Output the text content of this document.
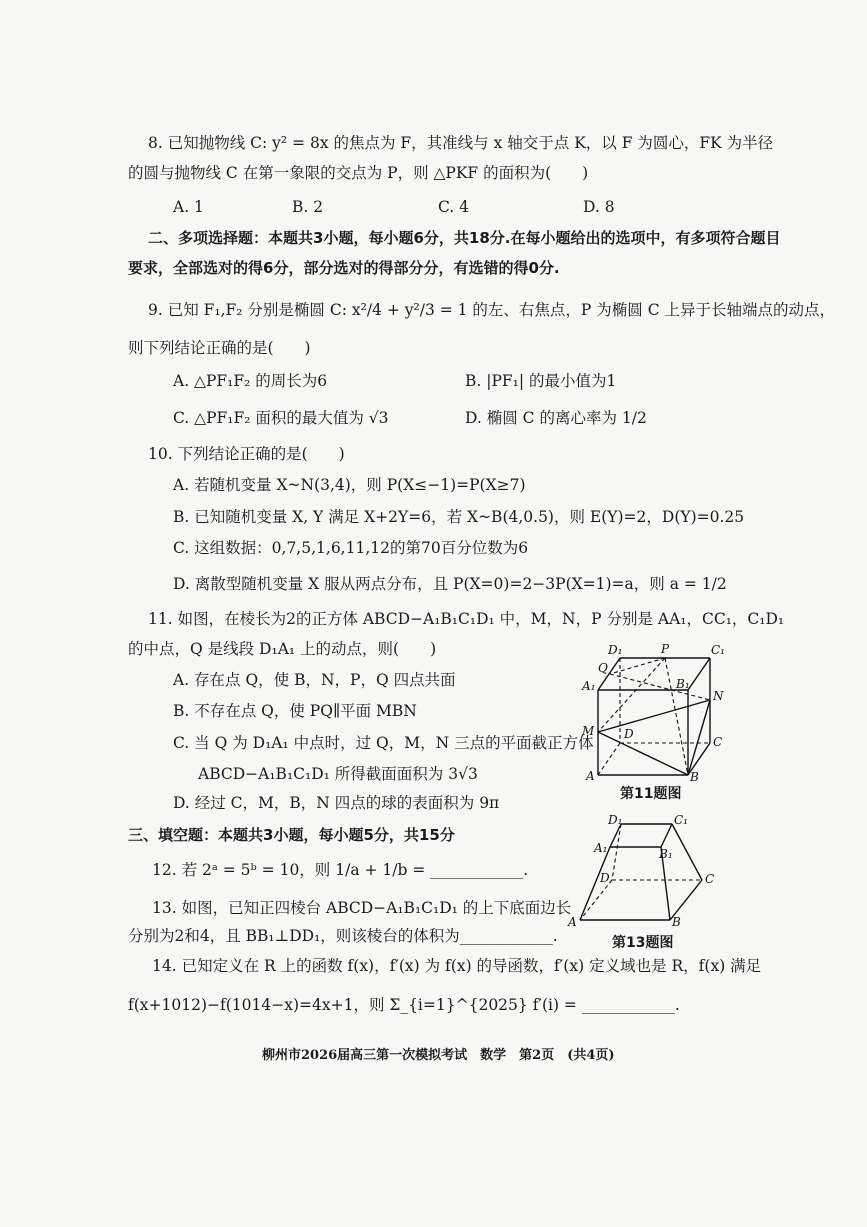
8. 已知抛物线 C: y² = 8x 的焦点为 F，其准线与 x 轴交于点 K，以 F 为圆心，FK 为半径
的圆与抛物线 C 在第一象限的交点为 P，则 △PKF 的面积为(　　)
A. 1	B. 2	C. 4	D. 8
二、多项选择题：本题共3小题，每小题6分，共18分.在每小题给出的选项中，有多项符合题目
要求，全部选对的得6分，部分选对的得部分分，有选错的得0分.
9. 已知 F₁,F₂ 分别是椭圆 C: x²/4 + y²/3 = 1 的左、右焦点，P 为椭圆 C 上异于长轴端点的动点，
则下列结论正确的是(　　)
A. △PF₁F₂ 的周长为6	B. |PF₁| 的最小值为1
C. △PF₁F₂ 面积的最大值为 √3	D. 椭圆 C 的离心率为 1/2
10. 下列结论正确的是(　　)
A. 若随机变量 X~N(3,4)，则 P(X≤−1)=P(X≥7)
B. 已知随机变量 X, Y 满足 X+2Y=6，若 X~B(4,0.5)，则 E(Y)=2，D(Y)=0.25
C. 这组数据：0,7,5,1,6,11,12的第70百分位数为6
D. 离散型随机变量 X 服从两点分布，且 P(X=0)=2−3P(X=1)=a，则 a = 1/2
11. 如图，在棱长为2的正方体 ABCD−A₁B₁C₁D₁ 中，M，N，P 分别是 AA₁，CC₁，C₁D₁
的中点，Q 是线段 D₁A₁ 上的动点，则(　　)
A. 存在点 Q，使 B，N，P，Q 四点共面
B. 不存在点 Q，使 PQ∥平面 MBN
C. 当 Q 为 D₁A₁ 中点时，过 Q，M，N 三点的平面截正方体
ABCD−A₁B₁C₁D₁ 所得截面面积为 3√3
D. 经过 C，M，B，N 四点的球的表面积为 9π
D₁	P	C₁
Q
A₁	B₁
N
M D
C
A	B
第11题图
三、填空题：本题共3小题，每小题5分，共15分
12. 若 2ᵃ = 5ᵇ = 10，则 1/a + 1/b = ____________.
13. 如图，已知正四棱台 ABCD−A₁B₁C₁D₁ 的上下底面边长
分别为2和4，且 BB₁⊥DD₁，则该棱台的体积为____________.
D₁	C₁
A₁	B₁
D	C
A	B
第13题图
14. 已知定义在 R 上的函数 f(x)，f′(x) 为 f(x) 的导函数，f′(x) 定义域也是 R，f(x) 满足
f(x+1012)−f(1014−x)=4x+1，则 Σ_{i=1}^{2025} f′(i) = ____________.
柳州市2026届高三第一次模拟考试　数学　第2页　(共4页)
